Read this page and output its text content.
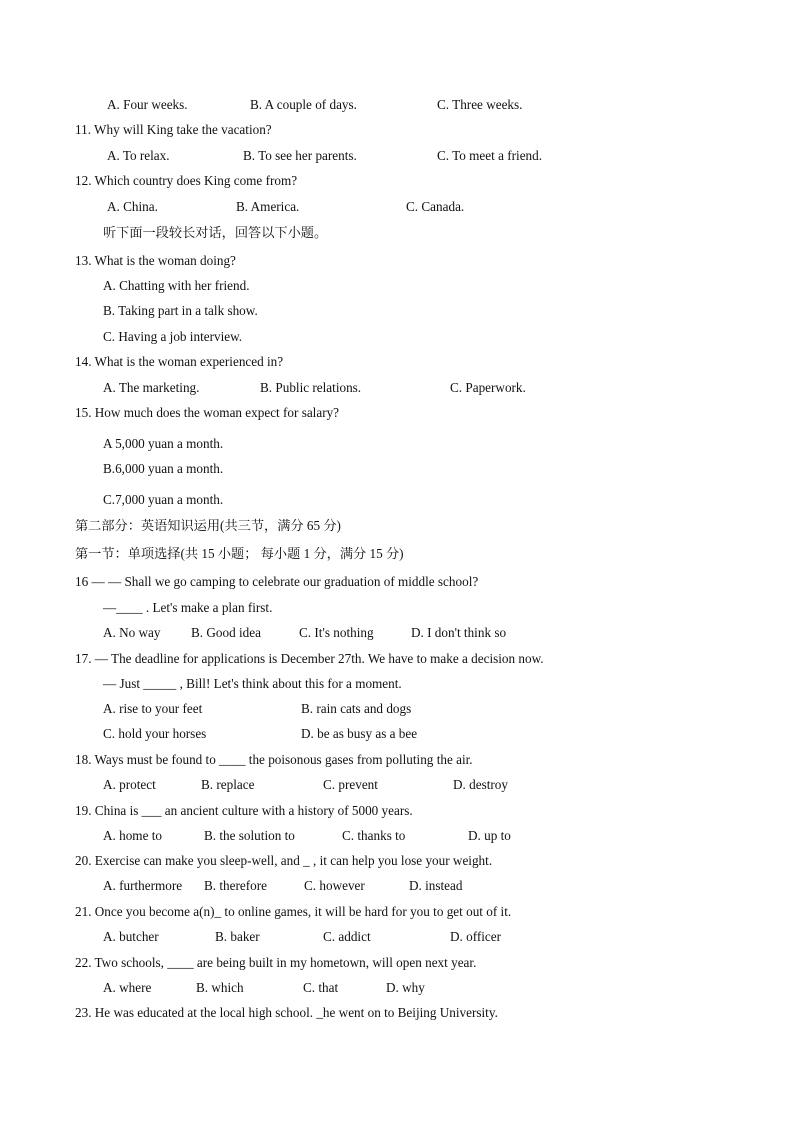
A. Four weeks.	B. A couple of days.	C. Three weeks.
11. Why will King take the vacation?
A. To relax.	B. To see her parents.	C. To meet a friend.
12. Which country does King come from?
A. China.	B. America.	C. Canada.
听下面一段较长对话，回答以下小题。
13. What is the woman doing?
A. Chatting with her friend.
B. Taking part in a talk show.
C. Having a job interview.
14. What is the woman experienced in?
A. The marketing.	B. Public relations.	C. Paperwork.
15. How much does the woman expect for salary?
A 5,000 yuan a month.
B.6,000 yuan a month.
C.7,000 yuan a month.
第二部分：英语知识运用(共三节，满分 65 分)
第一节：单项选择(共 15 小题； 每小题 1 分，满分 15 分)
16 — — Shall we go camping to celebrate our graduation of middle school?
—____ . Let's make a plan first.
A. No way B. Good idea	C. It's nothing	D. I don't think so
17. — The deadline for applications is December 27th. We have to make a decision now.
— Just _____ , Bill! Let's think about this for a moment.
A. rise to your feet	B. rain cats and dogs
C. hold your horses	D. be as busy as a bee
18. Ways must be found to ____ the poisonous gases from polluting the air.
A. protect	B. replace	C. prevent	D. destroy
19. China is ___ an ancient culture with a history of 5000 years.
A. home to	B. the solution to	C. thanks to	D. up to
20. Exercise can make you sleep-well, and _ , it can help you lose your weight.
A. furthermore B. therefore	C. however	D. instead
21. Once you become a(n)_ to online games, it will be hard for you to get out of it.
A. butcher	B. baker	C. addict	D. officer
22. Two schools, ____ are being built in my hometown, will open next year.
A. where	B. which	C. that	D. why
23. He was educated at the local high school. _he went on to Beijing University.
